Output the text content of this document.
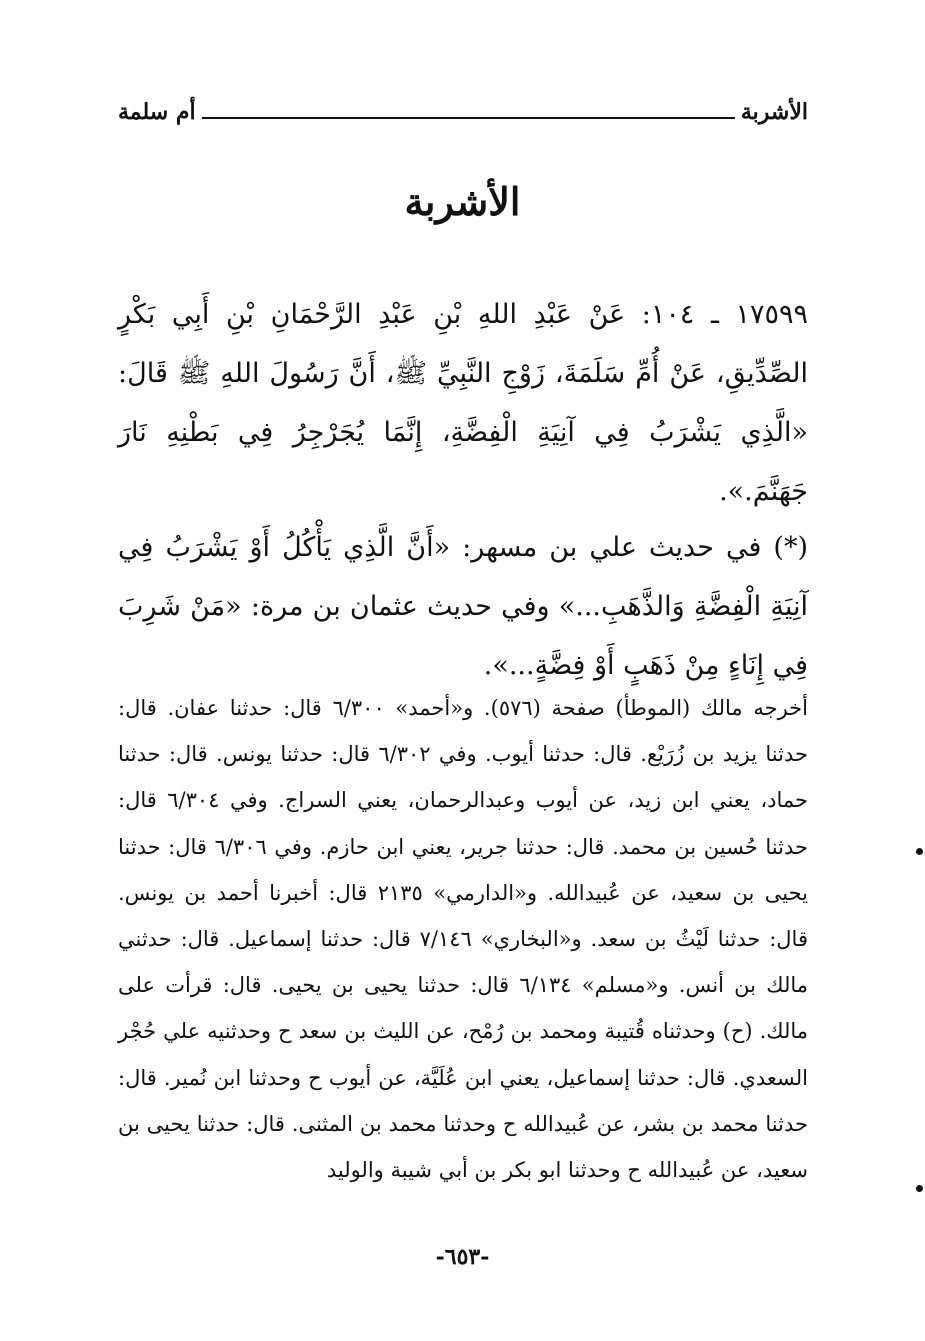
أم سلمة	الأشربة
الأشربة

١٧٥٩٩ ـ ١٠٤: عَنْ عَبْدِ اللهِ بْنِ عَبْدِ الرَّحْمَانِ بْنِ أَبِي بَكْرٍ الصِّدِّيقِ، عَنْ أُمِّ سَلَمَةَ، زَوْجِ النَّبِيِّ ﷺ، أَنَّ رَسُولَ اللهِ ﷺ قَالَ: «الَّذِي يَشْرَبُ فِي آنِيَةِ الْفِضَّةِ، إِنَّمَا يُجَرْجِرُ فِي بَطْنِهِ نَارَ جَهَنَّمَ.».

(*) في حديث علي بن مسهر: «أَنَّ الَّذِي يَأْكُلُ أَوْ يَشْرَبُ فِي آنِيَةِ الْفِضَّةِ وَالذَّهَبِ...» وفي حديث عثمان بن مرة: «مَنْ شَرِبَ فِي إِنَاءٍ مِنْ ذَهَبٍ أَوْ فِضَّةٍ...».

أخرجه مالك (الموطأ) صفحة (٥٧٦). و«أحمد» ٦/٣٠٠ قال: حدثنا عفان. قال: حدثنا يزيد بن زُرَيْع. قال: حدثنا أيوب. وفي ٦/٣٠٢ قال: حدثنا يونس. قال: حدثنا حماد، يعني ابن زيد، عن أيوب وعبدالرحمان، يعني السراج. وفي ٦/٣٠٤ قال: حدثنا حُسين بن محمد. قال: حدثنا جرير، يعني ابن حازم. وفي ٦/٣٠٦ قال: حدثنا يحيى بن سعيد، عن عُبيدالله. و«الدارمي» ٢١٣٥ قال: أخبرنا أحمد بن يونس. قال: حدثنا لَيْثُ بن سعد. و«البخاري» ٧/١٤٦ قال: حدثنا إسماعيل. قال: حدثني مالك بن أنس. و«مسلم» ٦/١٣٤ قال: حدثنا يحيى بن يحيى. قال: قرأت على مالك. (ح) وحدثناه قُتيبة ومحمد بن رُمْح، عن الليث بن سعد ح وحدثنيه علي حُجْر السعدي. قال: حدثنا إسماعيل، يعني ابن عُلَيَّة، عن أيوب ح وحدثنا ابن نُمير. قال: حدثنا محمد بن بشر، عن عُبيدالله ح وحدثنا محمد بن المثنى. قال: حدثنا يحيى بن سعيد، عن عُبيدالله ح وحدثنا ابو بكر بن أبي شيبة والوليد

-٦٥٣-
